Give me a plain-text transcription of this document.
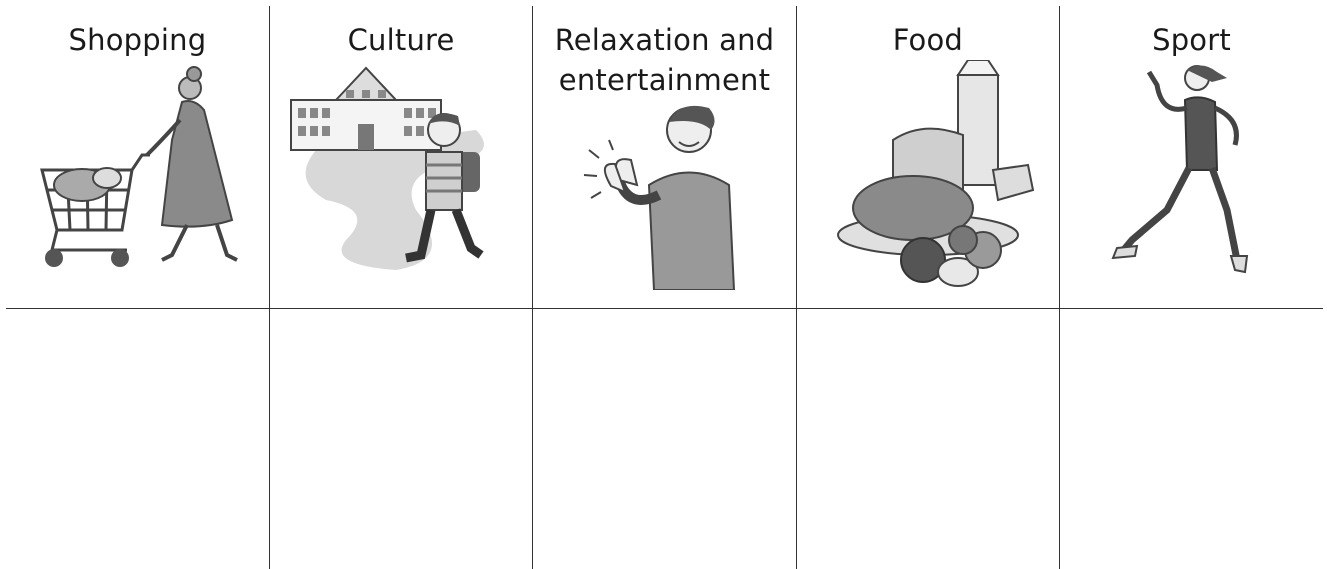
Shopping	Culture	Relaxation and entertainment	Food	Sport
